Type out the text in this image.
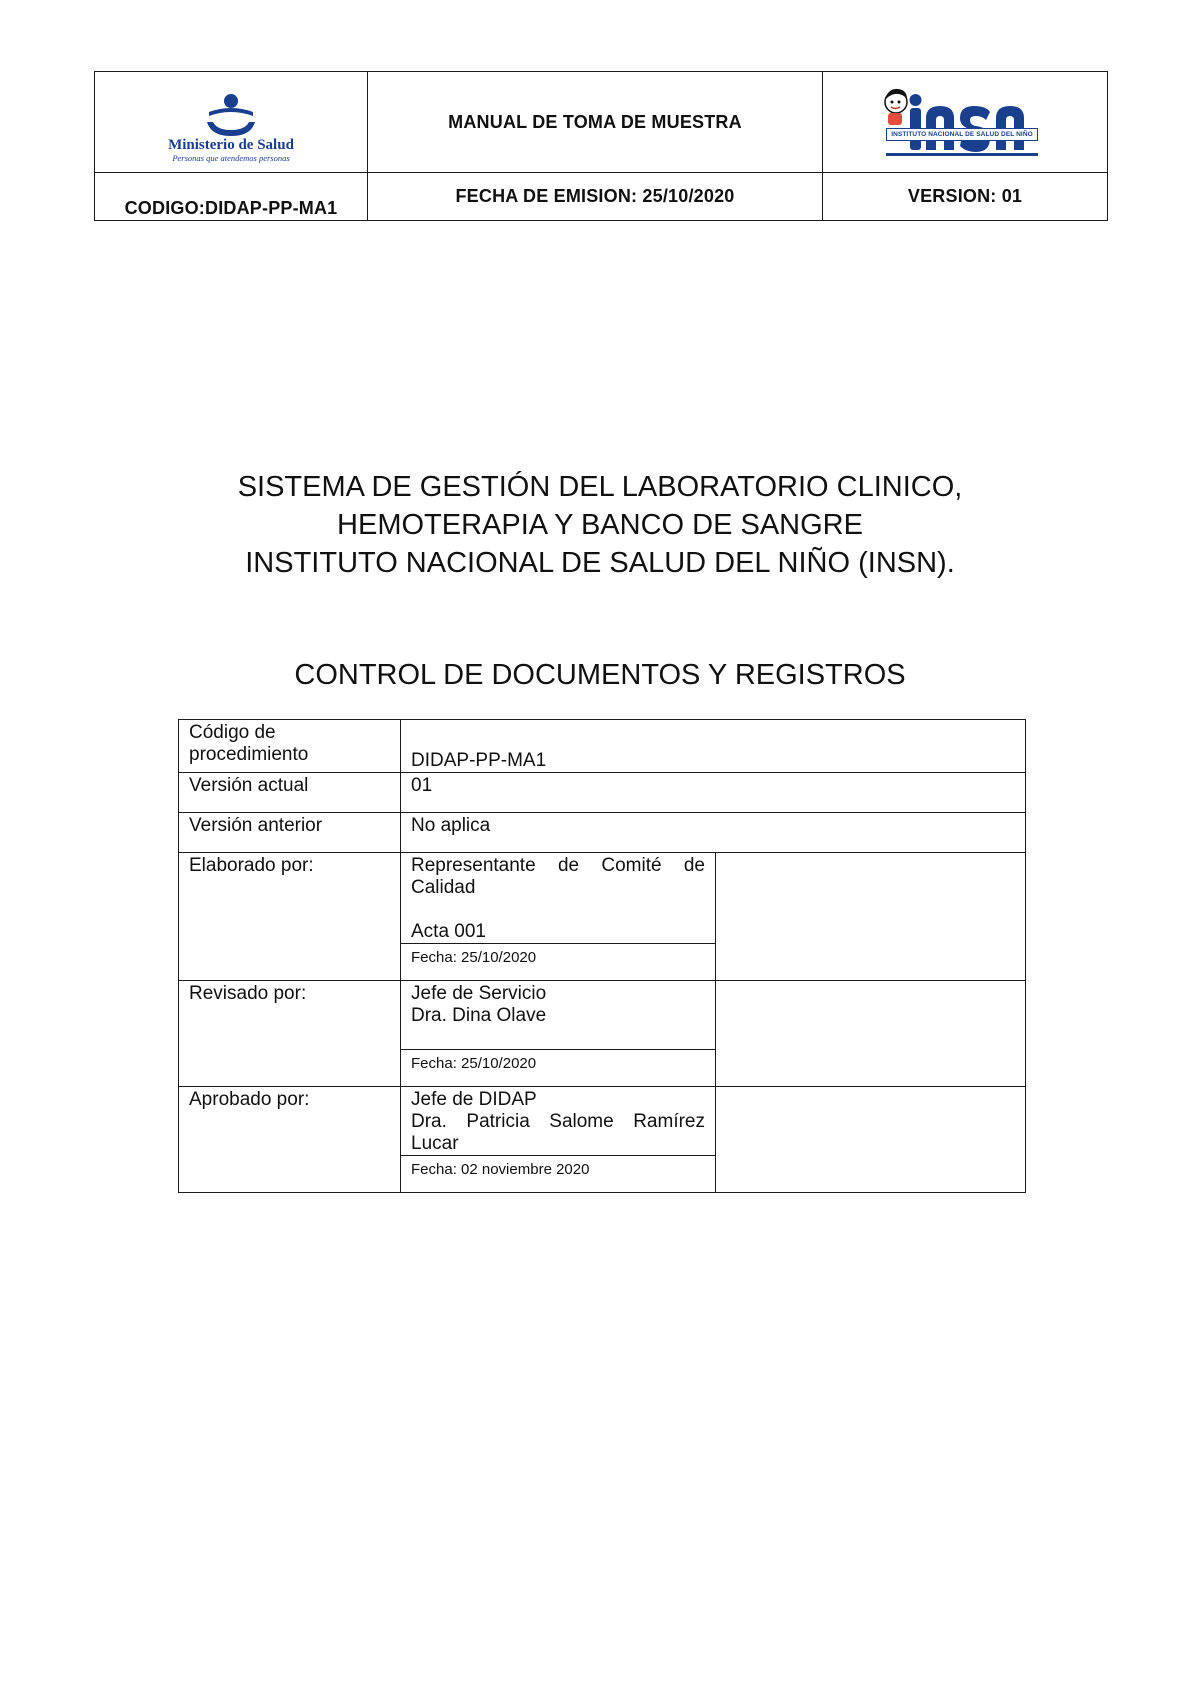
Ministerio de Salud
Personas que atendemos personas	MANUAL DE TOMA DE MUESTRA	INSTITUTO NACIONAL DE SALUD DEL NIÑO

CODIGO:DIDAP-PP-MA1	FECHA DE EMISION: 25/10/2020	VERSION: 01
SISTEMA DE GESTIÓN DEL LABORATORIO CLINICO,
HEMOTERAPIA Y BANCO DE SANGRE
INSTITUTO NACIONAL DE SALUD DEL NIÑO (INSN).
CONTROL DE DOCUMENTOS Y REGISTROS
Código de
procedimiento	DIDAP-PP-MA1	

Versión actual	01	
Versión anterior	No aplica	
Elaborado por:	Representante de Comité de Calidad
Acta 001	

	Fecha: 25/10/2020	
Revisado por:	Jefe de Servicio
Dra. Dina Olave	

	Fecha: 25/10/2020	
Aprobado por:	Jefe de DIDAP
Dra. Patricia Salome Ramírez Lucar	

	Fecha: 02 noviembre 2020	
